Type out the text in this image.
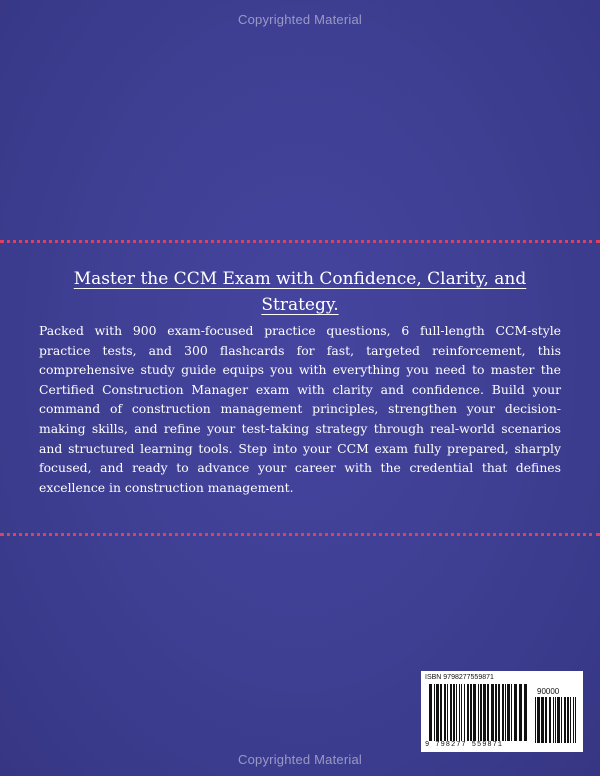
Copyrighted Material
Master the CCM Exam with Confidence, Clarity, and Strategy.

Packed with 900 exam-focused practice questions, 6 full-length CCM-style practice tests, and 300 flashcards for fast, targeted reinforcement, this comprehensive study guide equips you with everything you need to master the Certified Construction Manager exam with clarity and confidence. Build your command of construction management principles, strengthen your decision-making skills, and refine your test-taking strategy through real-world scenarios and structured learning tools. Step into your CCM exam fully prepared, sharply focused, and ready to advance your career with the credential that defines excellence in construction management.

ISBN 9798277559871
90000
9 798277 559871
Copyrighted Material
